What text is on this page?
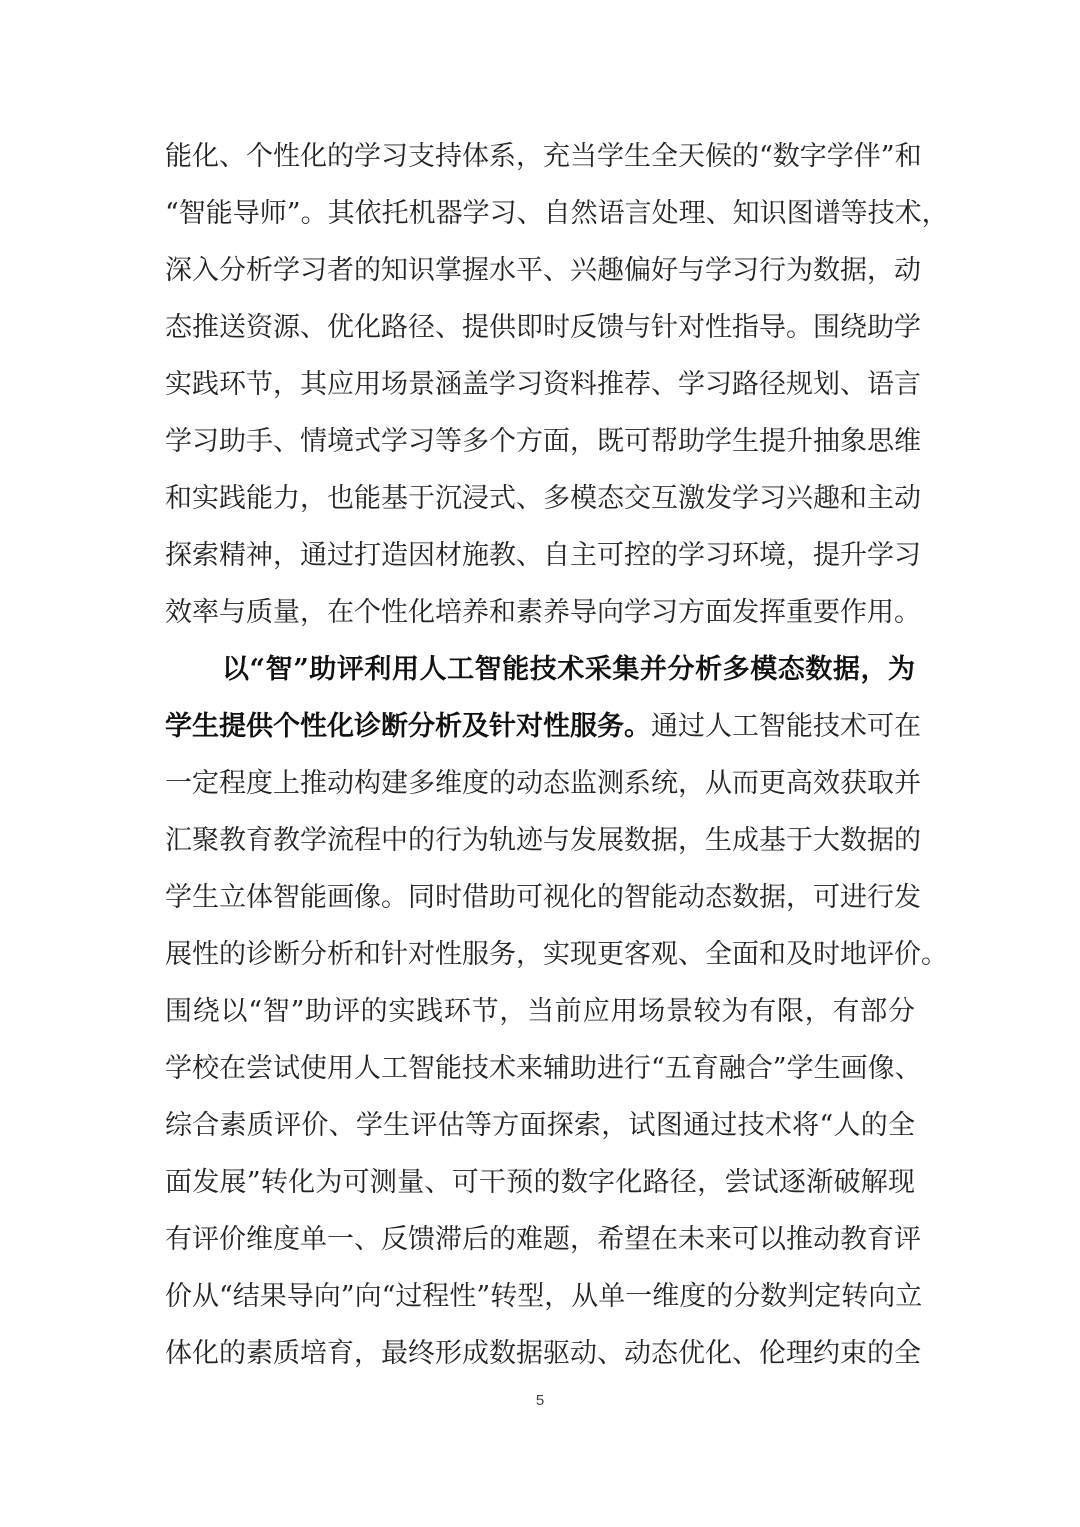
能化、个性化的学习支持体系，充当学生全天候的“数字学伴”和
“智能导师”。其依托机器学习、自然语言处理、知识图谱等技术，
深入分析学习者的知识掌握水平、兴趣偏好与学习行为数据，动
态推送资源、优化路径、提供即时反馈与针对性指导。围绕助学
实践环节，其应用场景涵盖学习资料推荐、学习路径规划、语言
学习助手、情境式学习等多个方面，既可帮助学生提升抽象思维
和实践能力，也能基于沉浸式、多模态交互激发学习兴趣和主动
探索精神，通过打造因材施教、自主可控的学习环境，提升学习
效率与质量，在个性化培养和素养导向学习方面发挥重要作用。
以“智”助评利用人工智能技术采集并分析多模态数据，为
学生提供个性化诊断分析及针对性服务。通过人工智能技术可在
一定程度上推动构建多维度的动态监测系统，从而更高效获取并
汇聚教育教学流程中的行为轨迹与发展数据，生成基于大数据的
学生立体智能画像。同时借助可视化的智能动态数据，可进行发
展性的诊断分析和针对性服务，实现更客观、全面和及时地评价。
围绕以“智”助评的实践环节，当前应用场景较为有限，有部分
学校在尝试使用人工智能技术来辅助进行“五育融合”学生画像、
综合素质评价、学生评估等方面探索，试图通过技术将“人的全
面发展”转化为可测量、可干预的数字化路径，尝试逐渐破解现
有评价维度单一、反馈滞后的难题，希望在未来可以推动教育评
价从“结果导向”向“过程性”转型，从单一维度的分数判定转向立
体化的素质培育，最终形成数据驱动、动态优化、伦理约束的全
5
